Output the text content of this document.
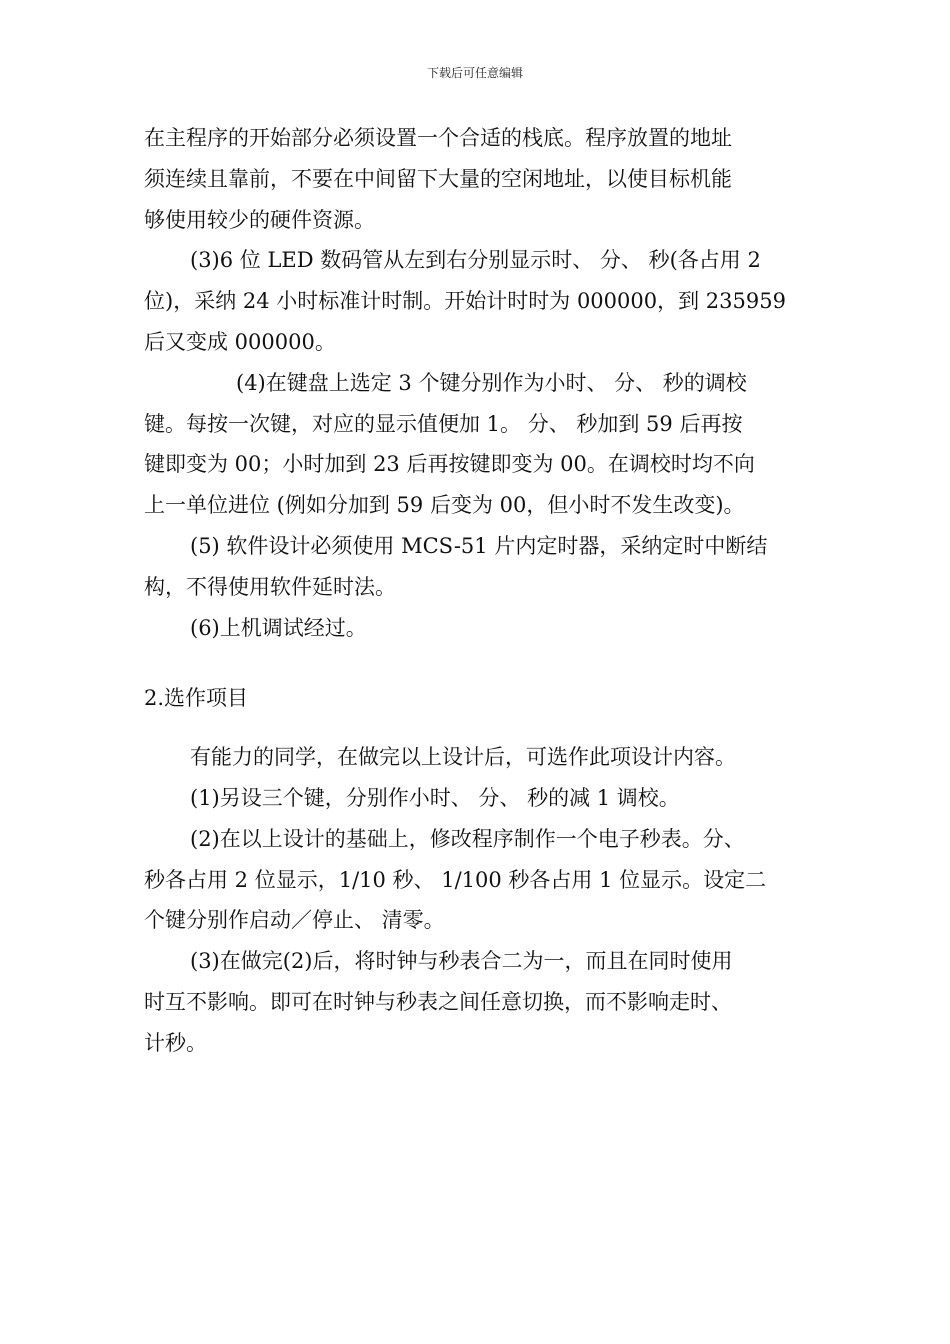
下载后可任意编辑
在主程序的开始部分必须设置一个合适的栈底。程序放置的地址
须连续且靠前，不要在中间留下大量的空闲地址，以使目标机能
够使用较少的硬件资源。
(3)6 位 LED 数码管从左到右分别显示时、 分、 秒(各占用 2
位)，采纳 24 小时标准计时制。开始计时时为 000000，到 235959
后又变成 000000。
(4)在键盘上选定 3 个键分别作为小时、 分、 秒的调校
键。每按一次键，对应的显示值便加 1。 分、 秒加到 59 后再按
键即变为 00；小时加到 23 后再按键即变为 00。在调校时均不向
上一单位进位 (例如分加到 59 后变为 00，但小时不发生改变)。
(5) 软件设计必须使用 MCS-51 片内定时器，采纳定时中断结
构，不得使用软件延时法。
(6)上机调试经过。
2.选作项目
有能力的同学，在做完以上设计后，可选作此项设计内容。
(1)另设三个键，分别作小时、 分、 秒的减 1 调校。
(2)在以上设计的基础上，修改程序制作一个电子秒表。分、
秒各占用 2 位显示，1/10 秒、 1/100 秒各占用 1 位显示。设定二
个键分别作启动／停止、 清零。
(3)在做完(2)后，将时钟与秒表合二为一，而且在同时使用
时互不影响。即可在时钟与秒表之间任意切换，而不影响走时、
计秒。
